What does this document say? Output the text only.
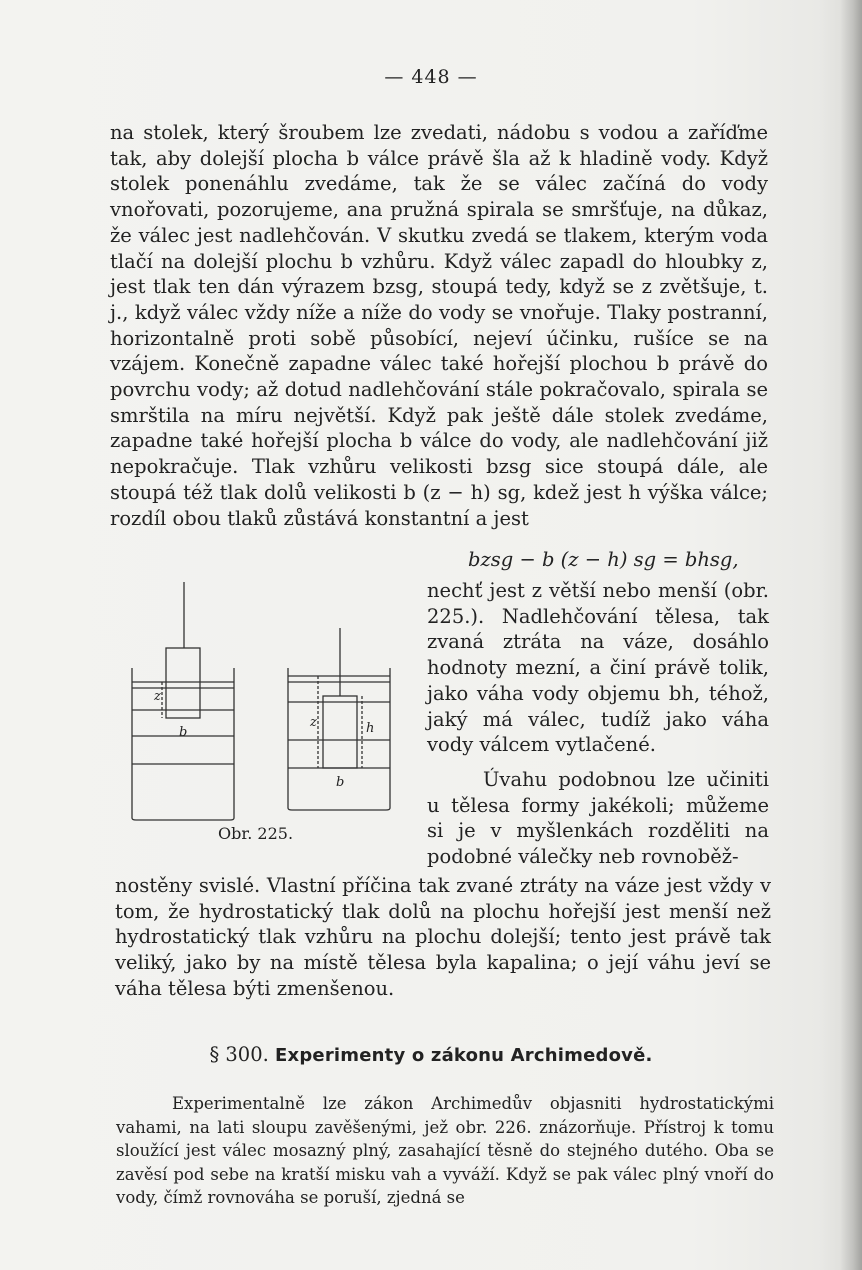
— 448 —
na stolek, který šroubem lze zvedati, nádobu s vodou a zaříďme tak, aby dolejší plocha b válce právě šla až k hladině vody. Když stolek ponenáhlu zvedáme, tak že se válec začíná do vody vnořovati, pozorujeme, ana pružná spirala se smršťuje, na důkaz, že válec jest nadlehčován. V skutku zvedá se tlakem, kterým voda tlačí na dolejší plochu b vzhůru. Když válec zapadl do hloubky z, jest tlak ten dán výrazem bzsg, stoupá tedy, když se z zvětšuje, t. j., když válec vždy níže a níže do vody se vnořuje. Tlaky postranní, horizontalně proti sobě působící, nejeví účinku, rušíce se na vzájem. Konečně zapadne válec také hořejší plochou b právě do povrchu vody; až dotud nadlehčování stále pokračovalo, spirala se smrštila na míru největší. Když pak ještě dále stolek zvedáme, zapadne také hořejší plocha b válce do vody, ale nadlehčování již nepokračuje. Tlak vzhůru velikosti bzsg sice stoupá dále, ale stoupá též tlak dolů velikosti b (z − h) sg, kdež jest h výška válce; rozdíl obou tlaků zůstává konstantní a jest
bzsg − b (z − h) sg = bhsg,
nechť jest z větší nebo menší (obr. 225.). Nadlehčování tělesa, tak zvaná ztráta na váze, dosáhlo hodnoty mezní, a činí právě tolik, jako váha vody objemu bh, téhož, jaký má válec, tudíž jako váha vody válcem vytlačené.
Úvahu podobnou lze učiniti u tělesa formy jakékoli; můžeme si je v myšlenkách rozděliti na podobné válečky neb rovnoběž-
z
b
z	h
b
Obr. 225.
nostěny svislé. Vlastní příčina tak zvané ztráty na váze jest vždy v tom, že hydrostatický tlak dolů na plochu hořejší jest menší než hydrostatický tlak vzhůru na plochu dolejší; tento jest právě tak veliký, jako by na místě tělesa byla kapalina; o její váhu jeví se váha tělesa býti zmenšenou.
§ 300. Experimenty o zákonu Archimedově.
Experimentalně lze zákon Archimedův objasniti hydrostatickými vahami, na lati sloupu zavěšenými, jež obr. 226. znázorňuje. Přístroj k tomu sloužící jest válec mosazný plný, zasahající těsně do stejného dutého. Oba se zavěsí pod sebe na kratší misku vah a vyváží. Když se pak válec plný vnoří do vody, čímž rovnováha se poruší, zjedná se
